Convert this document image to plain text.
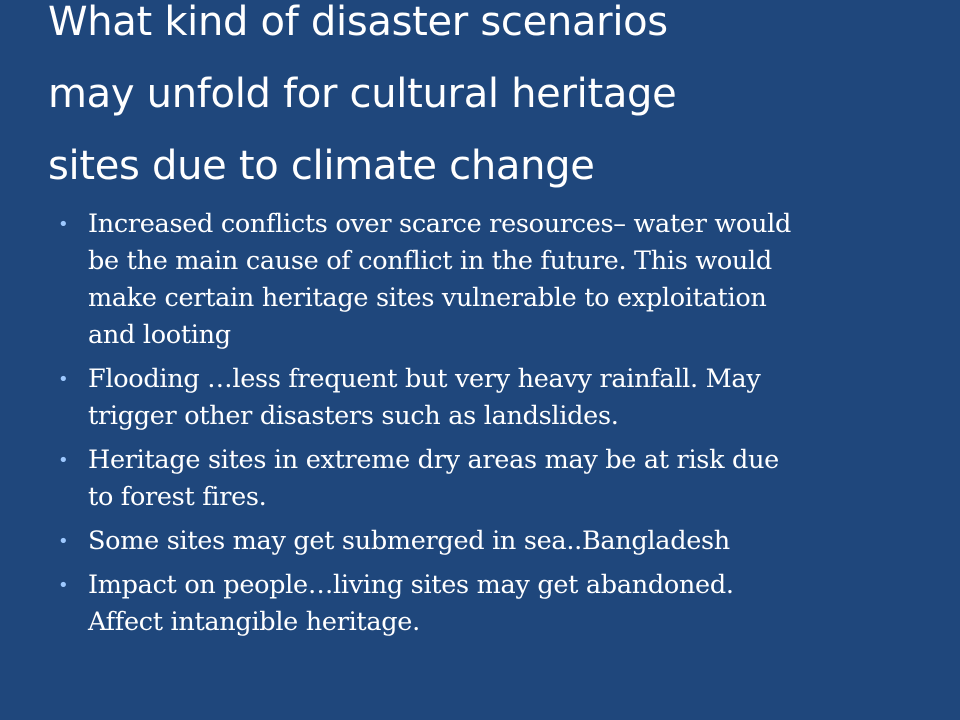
What kind of disaster scenarios
may unfold for cultural heritage
sites due to climate change
• Increased conflicts over scarce resources– water would
be the main cause of conflict in the future. This would
make certain heritage sites vulnerable to exploitation
and looting
• Flooding …less frequent but very heavy rainfall. May
trigger other disasters such as landslides.
• Heritage sites in extreme dry areas may be at risk due
to forest fires.
• Some sites may get submerged in sea..Bangladesh
• Impact on people…living sites may get abandoned.
Affect intangible heritage.
